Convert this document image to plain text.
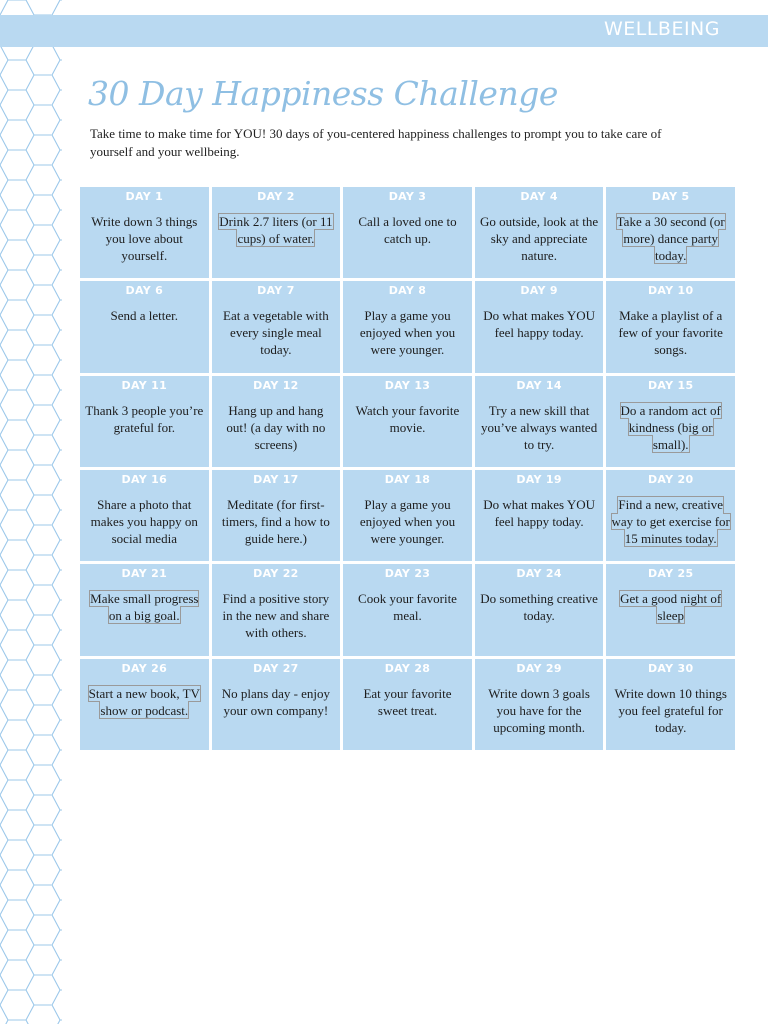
WELLBEING
30 Day Happiness Challenge
Take time to make time for YOU! 30 days of you-centered happiness challenges to prompt you to take care of yourself and your wellbeing.
DAY 1
Write down 3 things you love about yourself.
DAY 2
Drink 2.7 liters (or 11 cups) of water.
DAY 3
Call a loved one to catch up.
DAY 4
Go outside, look at the sky and appreciate nature.
DAY 5
Take a 30 second (or more) dance party today.
DAY 6
Send a letter.
DAY 7
Eat a vegetable with every single meal today.
DAY 8
Play a game you enjoyed when you were younger.
DAY 9
Do what makes YOU feel happy today.
DAY 10
Make a playlist of a few of your favorite songs.
DAY 11
Thank 3 people you’re grateful for.
DAY 12
Hang up and hang out! (a day with no screens)
DAY 13
Watch your favorite movie.
DAY 14
Try a new skill that you’ve always wanted to try.
DAY 15
Do a random act of kindness (big or small).
DAY 16
Share a photo that makes you happy on social media
DAY 17
Meditate (for first-timers, find a how to guide here.)
DAY 18
Play a game you enjoyed when you were younger.
DAY 19
Do what makes YOU feel happy today.
DAY 20
Find a new, creative way to get exercise for 15 minutes today.
DAY 21
Make small progress on a big goal.
DAY 22
Find a positive story in the new and share with others.
DAY 23
Cook your favorite meal.
DAY 24
Do something creative today.
DAY 25
Get a good night of sleep
DAY 26
Start a new book, TV show or podcast.
DAY 27
No plans day - enjoy your own company!
DAY 28
Eat your favorite sweet treat.
DAY 29
Write down 3 goals you have for the upcoming month.
DAY 30
Write down 10 things you feel grateful for today.
